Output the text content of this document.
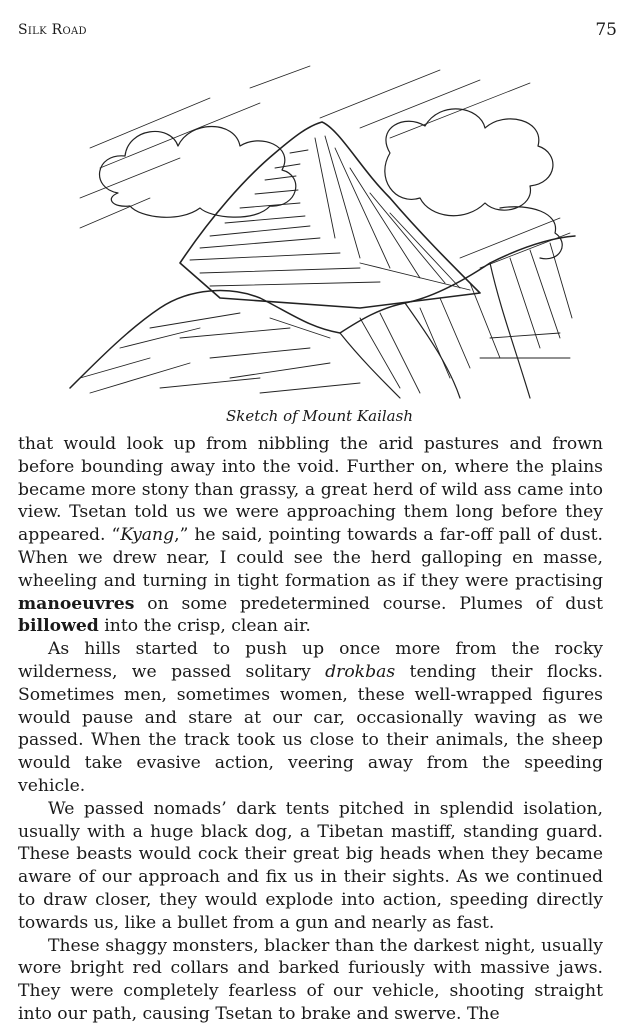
Silk Road	75
Sketch of Mount Kailash

that would look up from nibbling the arid pastures and frown before bounding away into the void. Further on, where the plains became more stony than grassy, a great herd of wild ass came into view. Tsetan told us we were approaching them long before they appeared. “Kyang,” he said, pointing towards a far-off pall of dust. When we drew near, I could see the herd galloping en masse, wheeling and turning in tight formation as if they were practising manoeuvres on some predetermined course. Plumes of dust billowed into the crisp, clean air.

As hills started to push up once more from the rocky wilderness, we passed solitary drokbas tending their flocks. Sometimes men, sometimes women, these well-wrapped figures would pause and stare at our car, occasionally waving as we passed. When the track took us close to their animals, the sheep would take evasive action, veering away from the speeding vehicle.

We passed nomads’ dark tents pitched in splendid isolation, usually with a huge black dog, a Tibetan mastiff, standing guard. These beasts would cock their great big heads when they became aware of our approach and fix us in their sights. As we continued to draw closer, they would explode into action, speeding directly towards us, like a bullet from a gun and nearly as fast.

These shaggy monsters, blacker than the darkest night, usually wore bright red collars and barked furiously with massive jaws. They were completely fearless of our vehicle, shooting straight into our path, causing Tsetan to brake and swerve. The
